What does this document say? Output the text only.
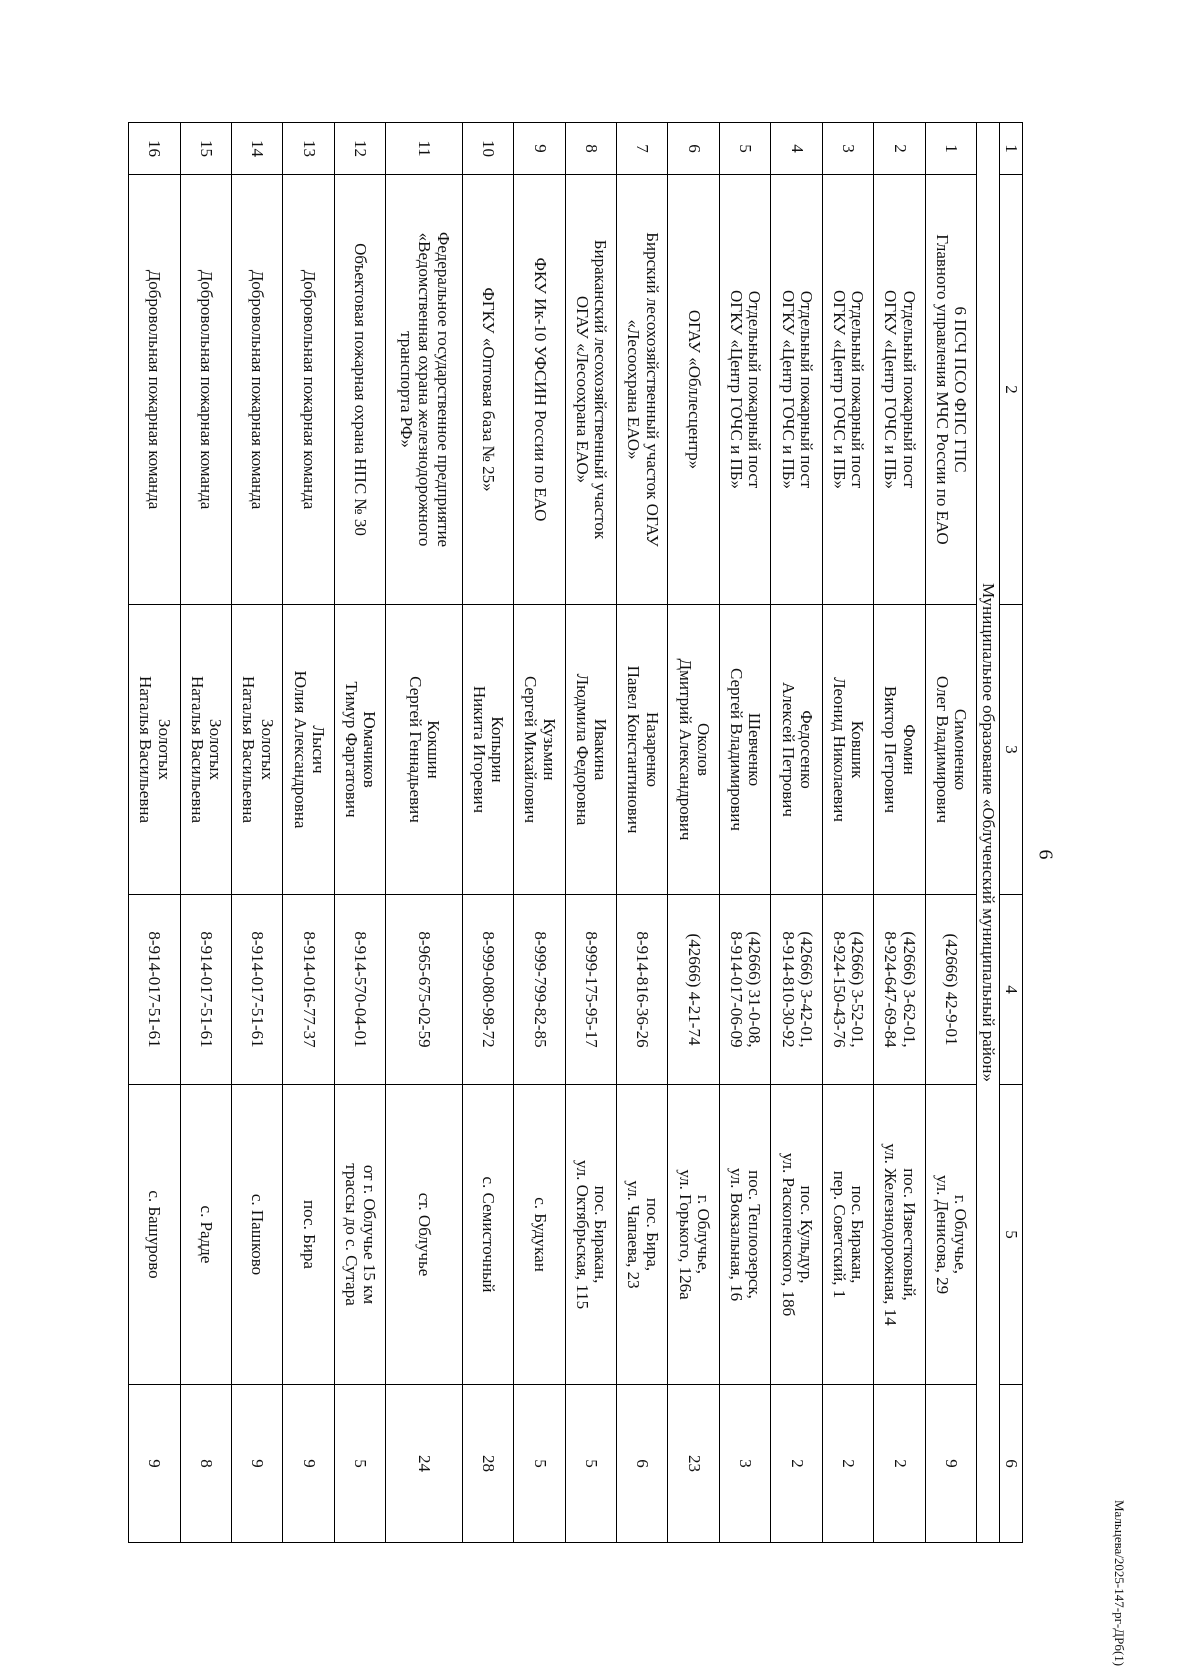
6
1	2	3	4	5	6
Муниципальное образование «Облученский муниципальный район»					
1	6 ПСЧ ПСО ФПС ГПС
Главного управления МЧС России по ЕАО	Симоненко
Олег Владимирович	(42666) 42-9-01	г. Облучье,
ул. Денисова, 29	9
2	Отдельный пожарный пост
ОГКУ «Центр ГОЧС и ПБ»	Фомин
Виктор Петрович	(42666) 3-62-01,
8-924-647-69-84	пос. Известковый,
ул. Железнодорожная, 14	2
3	Отдельный пожарный пост
ОГКУ «Центр ГОЧС и ПБ»	Ковшик
Леонид Николаевич	(42666) 3-52-01,
8-924-150-43-76	пос. Биракан,
пер. Советский, 1	2
4	Отдельный пожарный пост
ОГКУ «Центр ГОЧС и ПБ»	Федосенко
Алексей Петрович	(42666) 3-42-01,
8-914-810-30-92	пос. Кульдур,
ул. Раскопенского, 18б	2
5	Отдельный пожарный пост
ОГКУ «Центр ГОЧС и ПБ»	Шевченко
Сергей Владимирович	(42666) 31-0-08,
8-914-017-06-09	пос. Теплоозерск,
ул. Вокзальная, 16	3
6	ОГАУ «Обллесцентр»	Околов
Дмитрий Александрович	(42666) 4-21-74	г. Облучье,
ул. Горького, 126а	23
7	Бирский лесохозяйственный участок ОГАУ
«Лесоохрана ЕАО»	Назаренко
Павел Константинович	8-914-816-36-26	пос. Бира,
ул. Чапаева, 23	6
8	Бираканский лесохозяйственный участок
ОГАУ «Лесоохрана ЕАО»	Ивакина
Людмила Федоровна	8-999-175-95-17	пос. Биракан,
ул. Октябрьская, 115	5
9	ФКУ Ик-10 УФСИН России по ЕАО	Кузьмин
Сергей Михайлович	8-999-799-82-85	с. Будукан	5
10	ФГКУ «Оптовая база № 25»	Копырин
Никита Игоревич	8-999-080-98-72	с. Семисточный	28
11	Федеральное государственное предприятие
«Ведомственная охрана железнодорожного
транспорта РФ»	Кокшин
Сергей Геннадьевич	8-965-675-02-59	ст. Облучье	24
12	Объектовая пожарная охрана НПС № 30	Юмачиков
Тимур Фаргатович	8-914-570-04-01	от г. Облучье 15 км
трассы до с. Сутара	5
13	Добровольная пожарная команда	Лысич
Юлия Александровна	8-914-016-77-37	пос. Бира	9
14	Добровольная пожарная команда	Золотых
Наталья Васильевна	8-914-017-51-61	с. Пашково	9
15	Добровольная пожарная команда	Золотых
Наталья Васильевна	8-914-017-51-61	с. Радде	8
16	Добровольная пожарная команда	Золотых
Наталья Васильевна	8-914-017-51-61	с. Башурово	9
Мальцева/2025-147-рг-ДРб(1)
